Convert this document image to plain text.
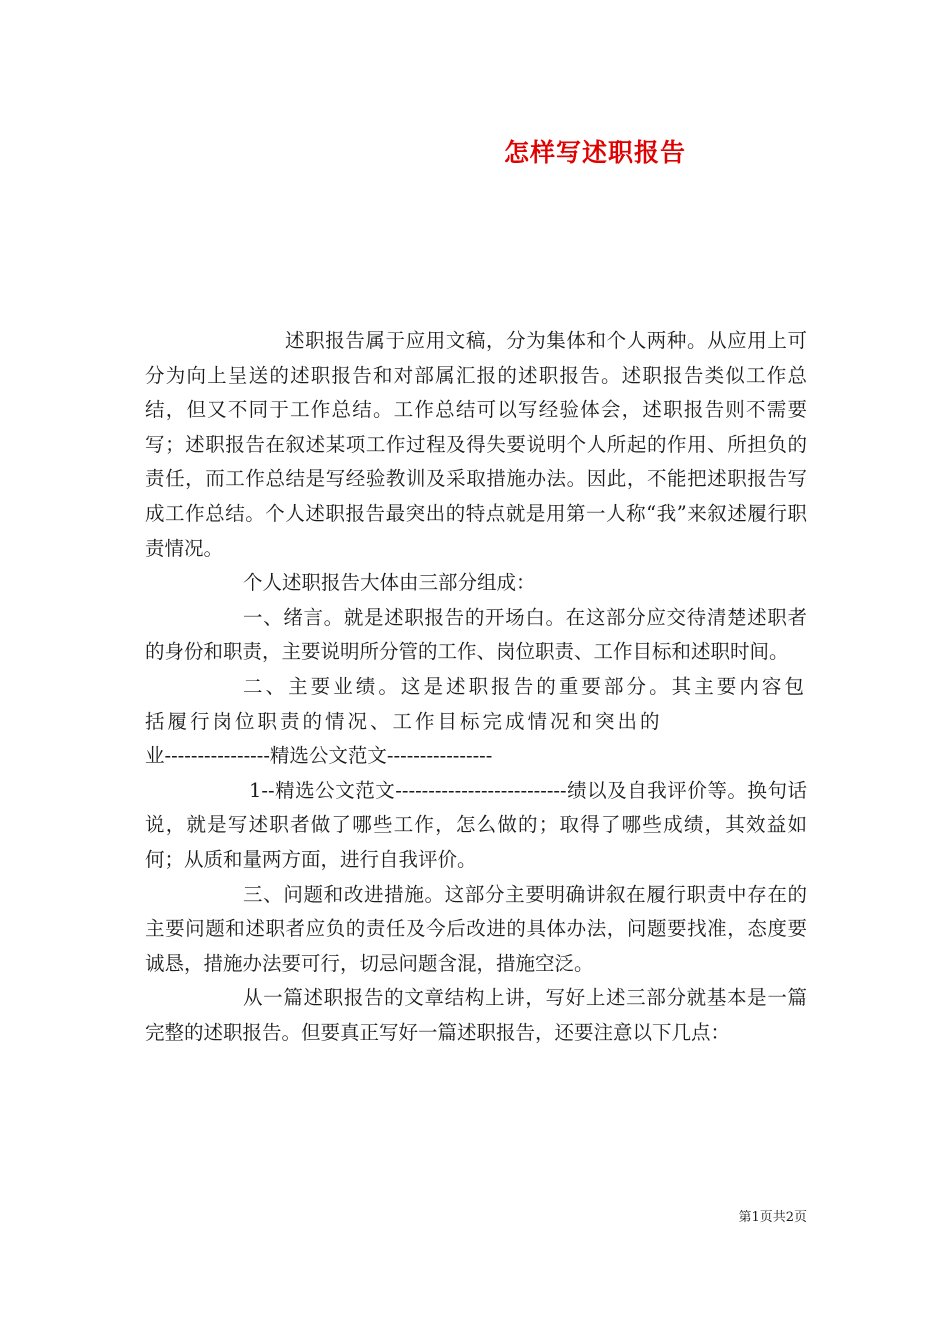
怎样写述职报告

述职报告属于应用文稿，分为集体和个人两种。从应用上可分为向上呈送的述职报告和对部属汇报的述职报告。述职报告类似工作总结，但又不同于工作总结。工作总结可以写经验体会，述职报告则不需要写；述职报告在叙述某项工作过程及得失要说明个人所起的作用、所担负的责任，而工作总结是写经验教训及采取措施办法。因此，不能把述职报告写成工作总结。个人述职报告最突出的特点就是用第一人称“我”来叙述履行职责情况。

个人述职报告大体由三部分组成：

一、绪言。就是述职报告的开场白。在这部分应交待清楚述职者的身份和职责，主要说明所分管的工作、岗位职责、工作目标和述职时间。

二、主要业绩。这是述职报告的重要部分。其主要内容包括履行岗位职责的情况、工作目标完成情况和突出的

业----------------精选公文范文----------------

1--精选公文范文--------------------------绩以及自我评价等。换句话说，就是写述职者做了哪些工作，怎么做的；取得了哪些成绩，其效益如何；从质和量两方面，进行自我评价。

三、问题和改进措施。这部分主要明确讲叙在履行职责中存在的主要问题和述职者应负的责任及今后改进的具体办法，问题要找准，态度要诚恳，措施办法要可行，切忌问题含混，措施空泛。

从一篇述职报告的文章结构上讲，写好上述三部分就基本是一篇完整的述职报告。但要真正写好一篇述职报告，还要注意以下几点：

第1页共2页
